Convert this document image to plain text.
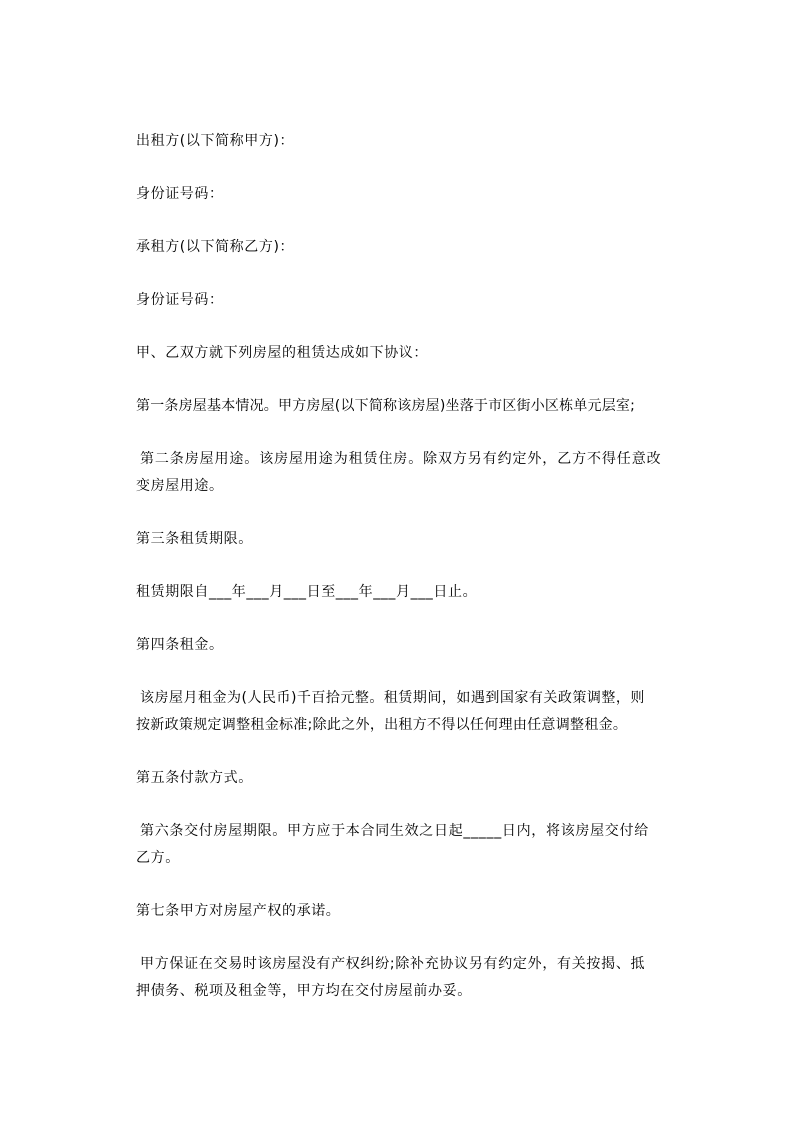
出租方(以下简称甲方)：

身份证号码：

承租方(以下简称乙方)：

身份证号码：

甲、乙双方就下列房屋的租赁达成如下协议：

第一条房屋基本情况。甲方房屋(以下简称该房屋)坐落于市区街小区栋单元层室;

第二条房屋用途。该房屋用途为租赁住房。除双方另有约定外，乙方不得任意改
变房屋用途。

第三条租赁期限。

租赁期限自___年___月___日至___年___月___日止。

第四条租金。

该房屋月租金为(人民币)千百拾元整。租赁期间，如遇到国家有关政策调整，则
按新政策规定调整租金标准;除此之外，出租方不得以任何理由任意调整租金。

第五条付款方式。

第六条交付房屋期限。甲方应于本合同生效之日起_____日内，将该房屋交付给
乙方。

第七条甲方对房屋产权的承诺。

甲方保证在交易时该房屋没有产权纠纷;除补充协议另有约定外，有关按揭、抵
押债务、税项及租金等，甲方均在交付房屋前办妥。
